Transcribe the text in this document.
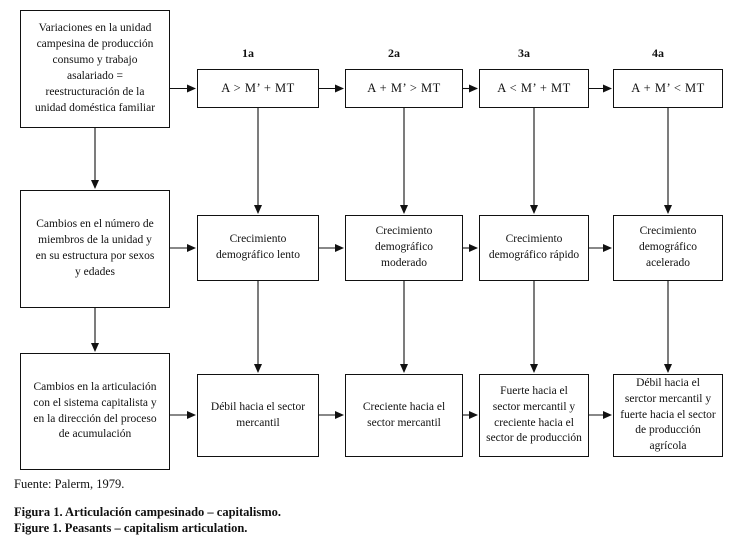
1a	2a	3a	4a
Variaciones en la unidad campesina de producción consumo y trabajo asalariado = reestructuración de la unidad doméstica familiar
Cambios en el número de miembros de la unidad y en su estructura por sexos y edades
Cambios en la articulación con el sistema capitalista y en la dirección del proceso de acumulación
A > M’ + MT	A + M’ > MT	A < M’ + MT	A + M’ < MT
Crecimiento demográfico lento
Crecimiento demográfico moderado
Crecimiento demográfico rápido
Crecimiento demográfico acelerado
Débil hacia el sector mercantil
Creciente hacia el sector mercantil
Fuerte hacia el sector mercantil y creciente hacia el sector de producción
Débil hacia el serctor mercantil y fuerte hacia el sector de producción agrícola
Fuente: Palerm, 1979.
Figura 1. Articulación campesinado – capitalismo.
Figure 1. Peasants – capitalism articulation.
